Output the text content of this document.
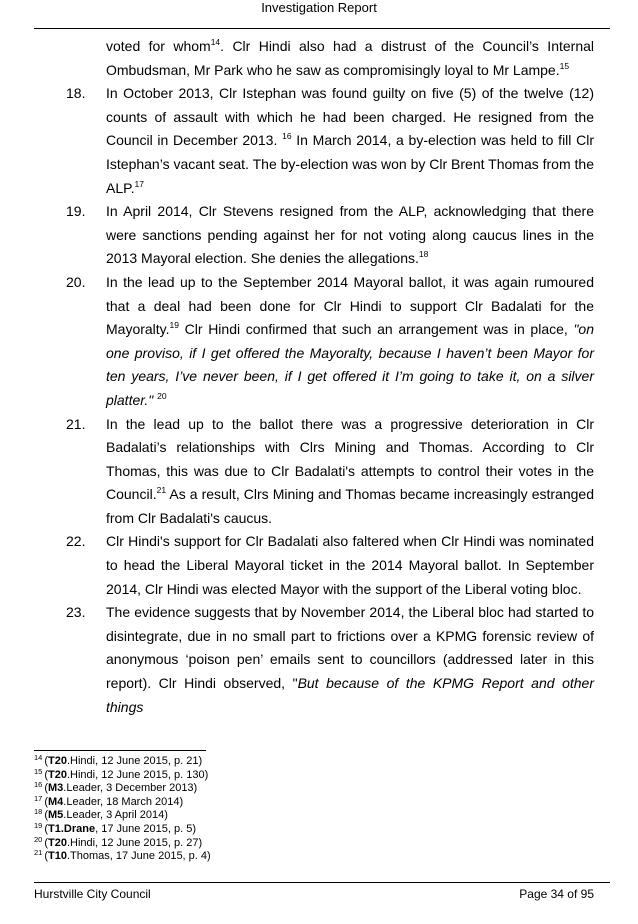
Investigation Report
voted for whom$^{14}$. Clr Hindi also had a distrust of the Council’s Internal Ombudsman, Mr Park who he saw as compromisingly loyal to Mr Lampe.$^{15}$
18. In October 2013, Clr Istephan was found guilty on five (5) of the twelve (12) counts of assault with which he had been charged. He resigned from the Council in December 2013. $^{16}$ In March 2014, a by-election was held to fill Clr Istephan’s vacant seat. The by-election was won by Clr Brent Thomas from the ALP.$^{17}$
19. In April 2014, Clr Stevens resigned from the ALP, acknowledging that there were sanctions pending against her for not voting along caucus lines in the 2013 Mayoral election. She denies the allegations.$^{18}$
20. In the lead up to the September 2014 Mayoral ballot, it was again rumoured that a deal had been done for Clr Hindi to support Clr Badalati for the Mayoralty.$^{19}$ Clr Hindi confirmed that such an arrangement was in place, "on one proviso, if I get offered the Mayoralty, because I haven’t been Mayor for ten years, I’ve never been, if I get offered it I’m going to take it, on a silver platter." $^{20}$
21. In the lead up to the ballot there was a progressive deterioration in Clr Badalati’s relationships with Clrs Mining and Thomas. According to Clr Thomas, this was due to Clr Badalati's attempts to control their votes in the Council.$^{21}$ As a result, Clrs Mining and Thomas became increasingly estranged from Clr Badalati's caucus.
22. Clr Hindi's support for Clr Badalati also faltered when Clr Hindi was nominated to head the Liberal Mayoral ticket in the 2014 Mayoral ballot. In September 2014, Clr Hindi was elected Mayor with the support of the Liberal voting bloc.
23. The evidence suggests that by November 2014, the Liberal bloc had started to disintegrate, due in no small part to frictions over a KPMG forensic review of anonymous ‘poison pen’ emails sent to councillors (addressed later in this report). Clr Hindi observed, "But because of the KPMG Report and other things
$^{14}$ (T20.Hindi, 12 June 2015, p. 21)
$^{15}$ (T20.Hindi, 12 June 2015, p. 130)
$^{16}$ (M3.Leader, 3 December 2013)
$^{17}$ (M4.Leader, 18 March 2014)
$^{18}$ (M5.Leader, 3 April 2014)
$^{19}$ (T1.Drane, 17 June 2015, p. 5)
$^{20}$ (T20.Hindi, 12 June 2015, p. 27)
$^{21}$ (T10.Thomas, 17 June 2015, p. 4)
Hurstville City Council	Page 34 of 95
